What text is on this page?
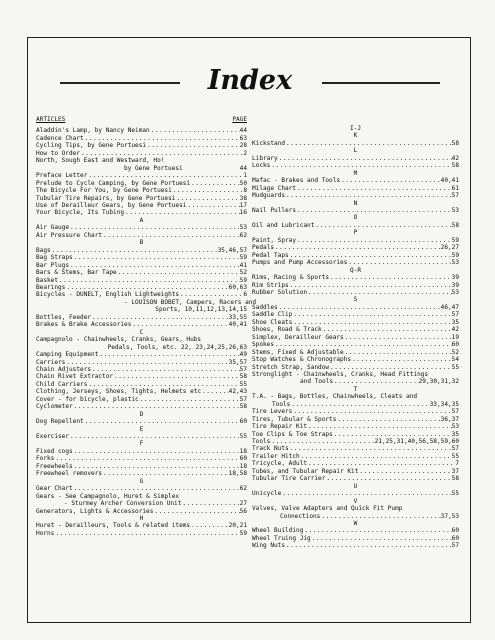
Index
ARTICLES	PAGE
Aladdin's Lamp, by Nancy Neiman .....	44
Cadence Chart .....	63
Cycling Tips, by Gene Portuesi .....	28
How to Order .....	2
North, Sough East and Westward, Ho!
by Gene Portuesi	44
Preface Letter .....	1
Prelude to Cycle Camping, by Gene Portuesi .....	50
The Bicycle For You, by Gene Portuesi .....	8
Tubular Tire Repairs, by Gene Portuesi .....	38
Use of Derailleur Gears, by Gene Portuesi .....	17
Your Bicycle, Its Tubing .....	16
A
Air Gauge .....	53
Air Pressure Chart .....	62
B
Bags .....	35,46,57
Bag Straps .....	59
Bar Plugs .....	41
Bars & Stems, Bar Tape .....	52
Basket .....	59
Bearings .....	60,63
Bicycles - DUNELT, English Lightweights .....	6
- LOUISON BOBET, Campers, Racers and
Sports, 10,11,12,13,14,15
Bottles, Feeder .....	33,55
Brakes & Brake Accessories .....	40,41
C
Campagnolo - Chainwheels, Cranks, Gears, Hubs
Pedals, Tools, etc. 22, 23,24,25,26,63
Camping Equipment .....	49
Carriers .....	35,57
Chain Adjusters .....	57
Chain Rivet Extractor .....	58
Child Carriers .....	55
Clothing, Jerseys, Shoes, Tights, Helmets etc .....	42,43
Cover - for bicycle, plastic .....	57
Cyclometer .....	58
D
Dog Repellent .....	60
E
Exerciser .....	55
F
Fixed cogs .....	18
Forks .....	60
Freewheels .....	18
Freewheel removers .....	18,58
G
Gear Chart .....	62
Gears - See Campagnolo, Huret & Simplex
- Sturmey Archer Conversion Unit .....	27
Generators, Lights & Accessories .....	56
H
Huret - Derailleurs, Tools & related items .....	20,21
Horns .....	59
I-J
K
Kickstand .....	58
L
Library .....	42
Locks .....	58
M
Mafac - Brakes and Tools .....	40,41
Milage Chart .....	61
Mudguards .....	57
N
Nail Pullers .....	53
O
Oil and Lubricant .....	58
P
Paint, Spray .....	59
Pedals .....	26,27
Pedal Taps .....	59
Pumps and Pump Accessories .....	53
Q-R
Rims, Racing & Sports .....	39
Rim Strips .....	39
Rubber Solution .....	53
S
Saddles .....	46,47
Saddle Clip .....	57
Shoe Cleats .....	35
Shoes, Road & Track .....	42
Simplex, Derailleur Gears .....	19
Spokes .....	60
Stems, Fixed & Adjustable .....	52
Stop Watches & Chronographs .....	54
Stretch Strap, Sandow .....	55
Stronglight - Chainwheels, Cranks, Head Fittings
and Tools .....	29,30,31,32
T
T.A. - Bags, Bottles, Chainwheels, Cleats and
Tools .....	33,34,35
Tire Levers .....	57
Tires, Tubular & Sports .....	36,37
Tire Repair Kit .....	53
Toe Clips & Toe Straps .....	35
Tools .....	21,25,31,40,56,58,59,60
Track Nuts .....	57
Trailer Hitch .....	55
Tricycle, Adult .....	7
Tubes, and Tubular Repair Kit .....	37
Tubular Tire Carrier .....	58
U
Unicycle .....	55
V
Valves, Valve Adapters and Quick Fit Pump
Connections .....	37,53
W
Wheel Building .....	60
Wheel Truing Jig .....	60
Wing Nuts .....	57
